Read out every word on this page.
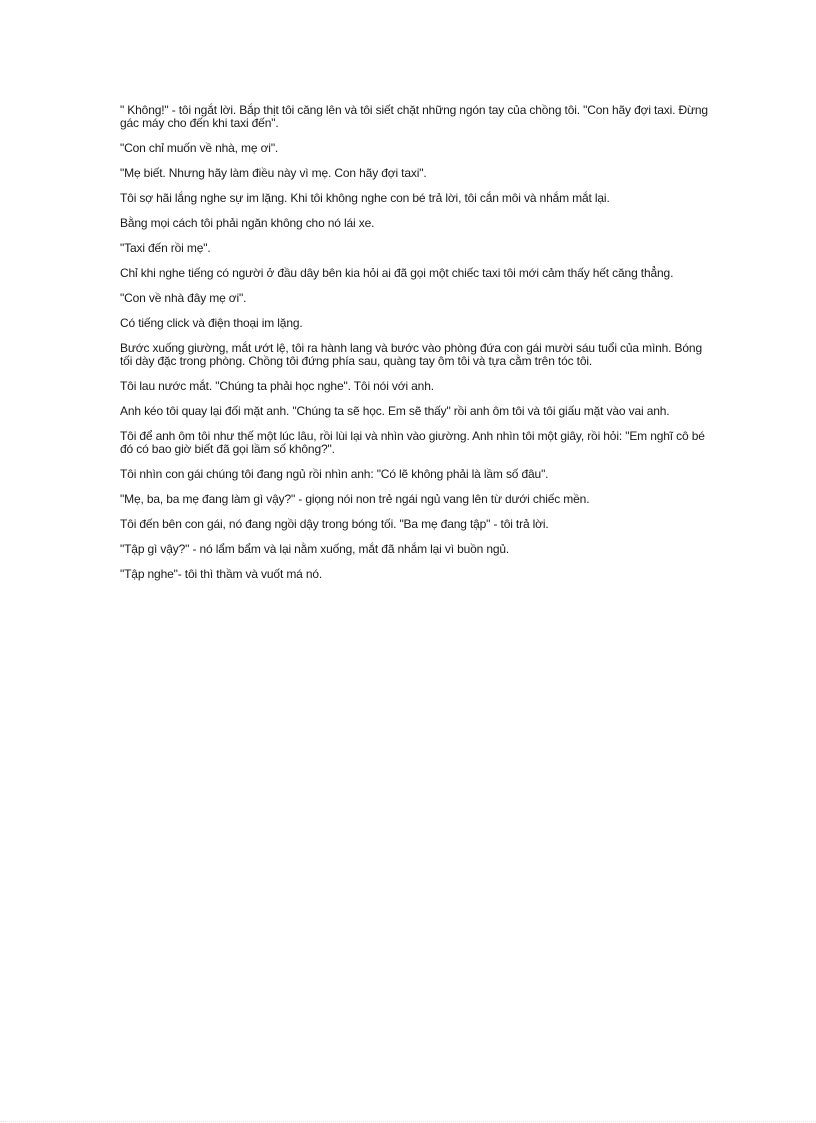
" Không!" - tôi ngắt lời. Bắp thịt tôi căng lên và tôi siết chặt những ngón tay của chồng tôi. "Con hãy đợi taxi. Đừng gác máy cho đến khi taxi đến".

"Con chỉ muốn về nhà, mẹ ơi".

"Mẹ biết. Nhưng hãy làm điều này vì mẹ. Con hãy đợi taxi".

Tôi sợ hãi lắng nghe sự im lặng. Khi tôi không nghe con bé trả lời, tôi cắn môi và nhắm mắt lại.

Bằng mọi cách tôi phải ngăn không cho nó lái xe.

"Taxi đến rồi mẹ".

Chỉ khi nghe tiếng có người ở đầu dây bên kia hỏi ai đã gọi một chiếc taxi tôi mới cảm thấy hết căng thẳng.

"Con về nhà đây mẹ ơi".

Có tiếng click và điện thoại im lặng.

Bước xuống giường, mắt ướt lệ, tôi ra hành lang và bước vào phòng đứa con gái mười sáu tuổi của mình. Bóng tối dày đặc trong phòng. Chồng tôi đứng phía sau, quàng tay ôm tôi và tựa cằm trên tóc tôi.

Tôi lau nước mắt. "Chúng ta phải học nghe". Tôi nói với anh.

Anh kéo tôi quay lại đối mặt anh. "Chúng ta sẽ học. Em sẽ thấy" rồi anh ôm tôi và tôi giấu mặt vào vai anh.

Tôi để anh ôm tôi như thế một lúc lâu, rồi lùi lại và nhìn vào giường. Anh nhìn tôi một giây, rồi hỏi: "Em nghĩ cô bé đó có bao giờ biết đã gọi lầm số không?".

Tôi nhìn con gái chúng tôi đang ngủ rồi nhìn anh: "Có lẽ không phải là lầm số đâu".

"Mẹ, ba, ba mẹ đang làm gì vậy?" - giọng nói non trẻ ngái ngủ vang lên từ dưới chiếc mền.

Tôi đến bên con gái, nó đang ngồi dậy trong bóng tối. "Ba mẹ đang tập" - tôi trả lời.

"Tập gì vậy?" - nó lẩm bẩm và lại nằm xuống, mắt đã nhắm lại vì buồn ngủ.

"Tập nghe"- tôi thì thầm và vuốt má nó.
